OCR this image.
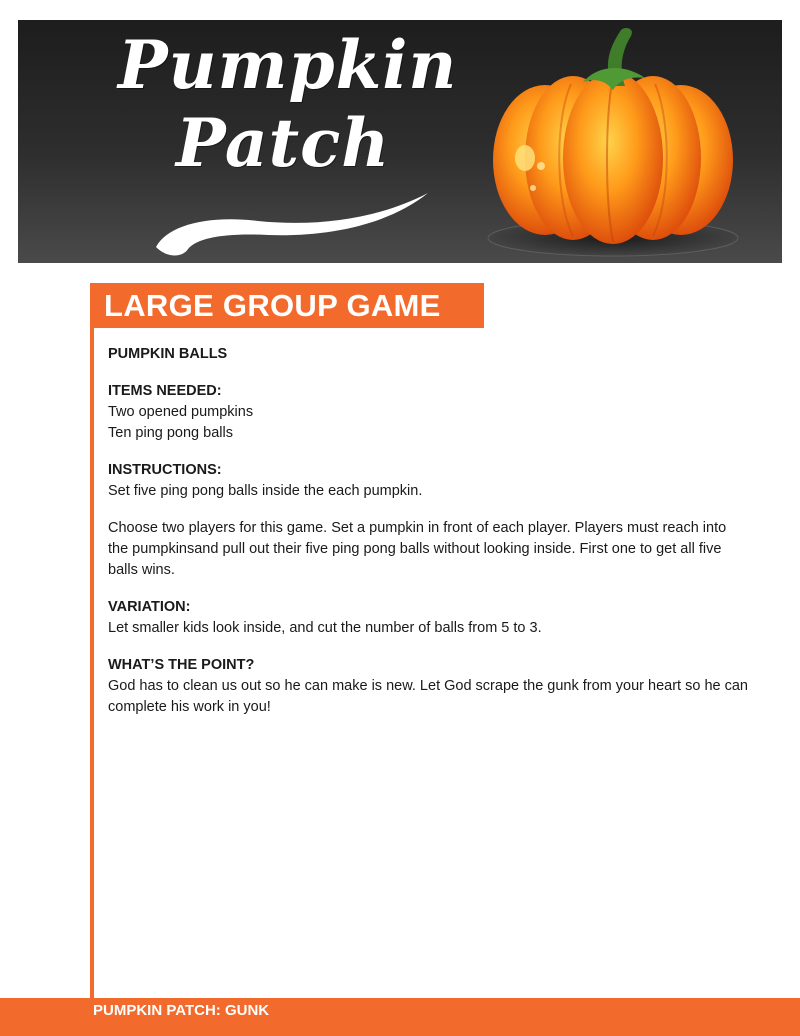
Pumpkin
Patch
LARGE GROUP GAME
PUMPKIN BALLS
ITEMS NEEDED:
Two opened pumpkins
Ten ping pong balls
INSTRUCTIONS:
Set five ping pong balls inside the each pumpkin.
Choose two players for this game. Set a pumpkin in front of each player. Players must reach into the pumpkinsand pull out their five ping pong balls without looking inside. First one to get all five balls wins.
VARIATION:
Let smaller kids look inside, and cut the number of balls from 5 to 3.
WHAT’S THE POINT?
God has to clean us out so he can make is new. Let God scrape the gunk from your heart so he can complete his work in you!
PUMPKIN PATCH: GUNK
